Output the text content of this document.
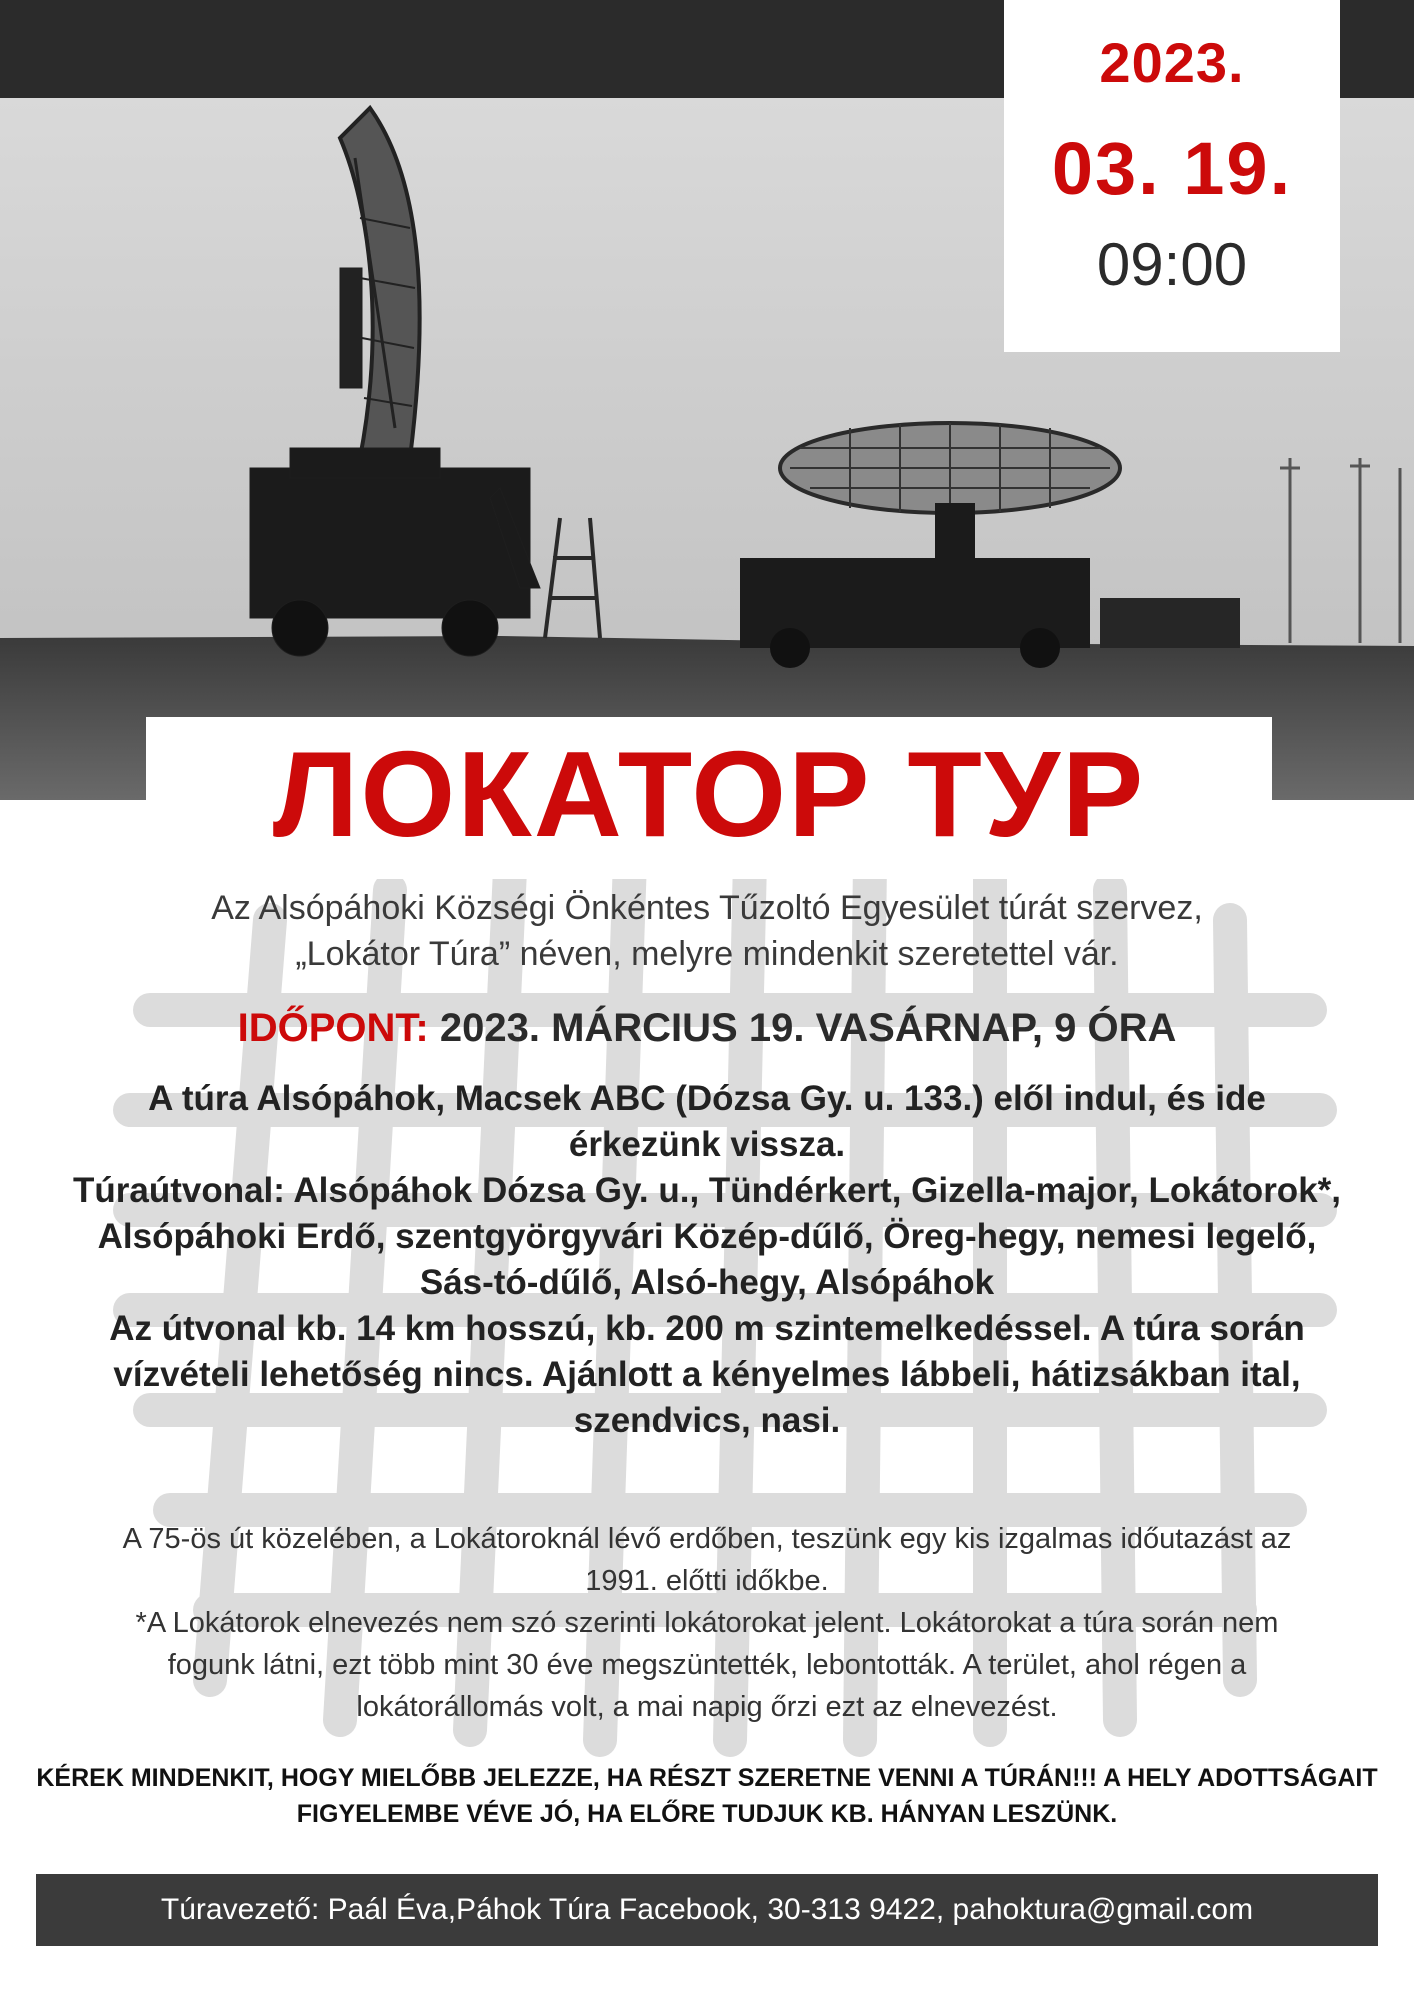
2023.
03. 19.
09:00
ЛОКАТОР ТУР
Az Alsópáhoki Községi Önkéntes Tűzoltó Egyesület túrát szervez,
„Lokátor Túra” néven, melyre mindenkit szeretettel vár.
IDŐPONT: 2023. MÁRCIUS 19. VASÁRNAP, 9 ÓRA

A túra Alsópáhok, Macsek ABC (Dózsa Gy. u. 133.) elől indul, és ide érkezünk vissza.

Túraútvonal: Alsópáhok Dózsa Gy. u., Tündérkert, Gizella-major, Lokátorok*, Alsópáhoki Erdő, szentgyörgyvári Közép-dűlő, Öreg-hegy, nemesi legelő, Sás-tó-dűlő, Alsó-hegy, Alsópáhok

Az útvonal kb. 14 km hosszú, kb. 200 m szintemelkedéssel. A túra során vízvételi lehetőség nincs. Ajánlott a kényelmes lábbeli, hátizsákban ital, szendvics, nasi.

A 75-ös út közelében, a Lokátoroknál lévő erdőben, teszünk egy kis izgalmas időutazást az 1991. előtti időkbe.

*A Lokátorok elnevezés nem szó szerinti lokátorokat jelent. Lokátorokat a túra során nem fogunk látni, ezt több mint 30 éve megszüntették, lebontották. A terület, ahol régen a lokátorállomás volt, a mai napig őrzi ezt az elnevezést.

KÉREK MINDENKIT, HOGY MIELŐBB JELEZZE, HA RÉSZT SZERETNE VENNI A TÚRÁN!!! A HELY ADOTTSÁGAIT FIGYELEMBE VÉVE JÓ, HA ELŐRE TUDJUK KB. HÁNYAN LESZÜNK.
Túravezető: Paál Éva,Páhok Túra Facebook, 30-313 9422, pahoktura@gmail.com
